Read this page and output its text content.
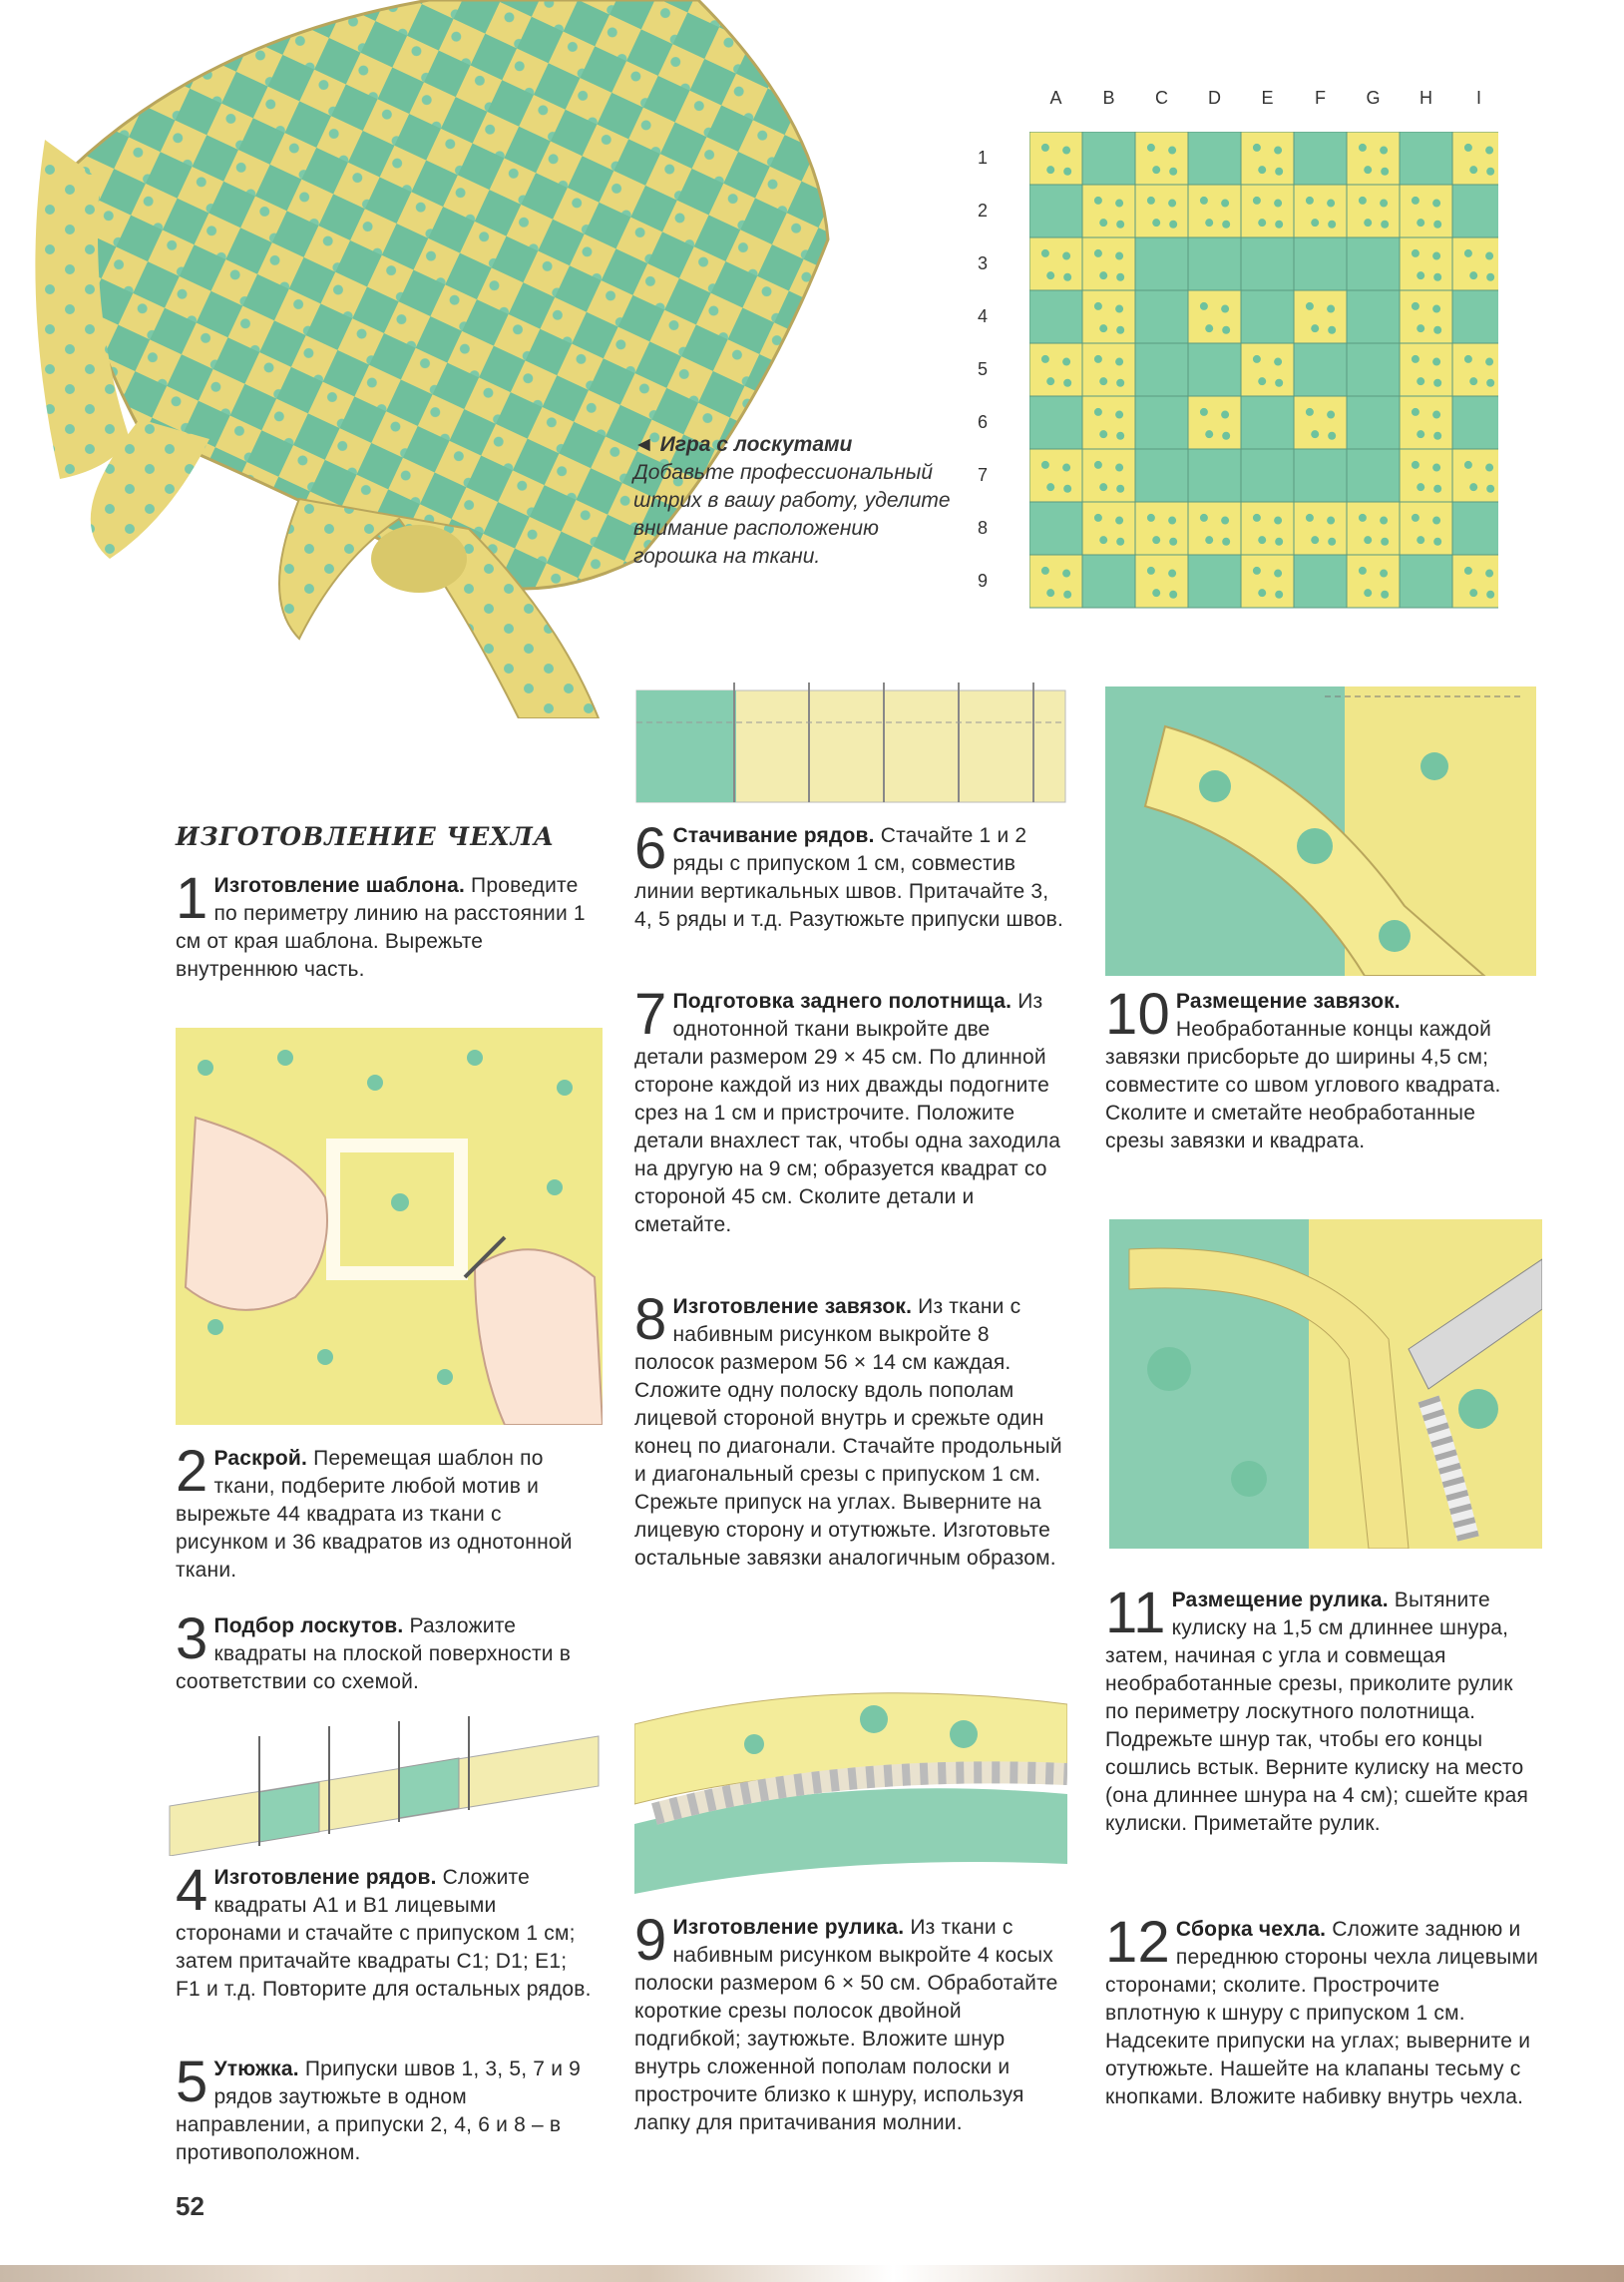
◄ Игра с лоскутами
Добавьте профессиональный штрих в вашу работу, уделите внимание расположению горошка на ткани.
A B C D E F G H	I
1
2
3
4
5
6
7
8
9
ИЗГОТОВЛЕНИЕ ЧЕХЛА
1 Изготовление шаблона. Проведите по периметру линию на расстоянии 1 см от края шаблона. Вырежьте внутреннюю часть.
2 Раскрой. Перемещая шаблон по ткани, подберите любой мотив и вырежьте 44 квадрата из ткани с рисунком и 36 квадратов из однотонной ткани.
3 Подбор лоскутов. Разложите квадраты на плоской поверхности в соответствии со схемой.
4 Изготовление рядов. Сложите квадраты A1 и B1 лицевыми сторонами и стачайте с припуском 1 см; затем притачайте квадраты C1; D1; E1; F1 и т.д. Повторите для остальных рядов.
5 Утюжка. Припуски швов 1, 3, 5, 7 и 9 рядов заутюжьте в одном направлении, а припуски 2, 4, 6 и 8 – в противоположном.
6 Стачивание рядов. Стачайте 1 и 2 ряды с припуском 1 см, совместив линии вертикальных швов. Притачайте 3, 4, 5 ряды и т.д. Разутюжьте припуски швов.
7 Подготовка заднего полотнища. Из однотонной ткани выкройте две детали размером 29 × 45 см. По длинной стороне каждой из них дважды подогните срез на 1 см и пристрочите. Положите детали внахлест так, чтобы одна заходила на другую на 9 см; образуется квадрат со стороной 45 см. Сколите детали и сметайте.
8 Изготовление завязок. Из ткани с набивным рисунком выкройте 8 полосок размером 56 × 14 см каждая. Сложите одну полоску вдоль пополам лицевой стороной внутрь и срежьте один конец по диагонали. Стачайте продольный и диагональный срезы с припуском 1 см. Срежьте припуск на углах. Выверните на лицевую сторону и отутюжьте. Изготовьте остальные завязки аналогичным образом.
9 Изготовление рулика. Из ткани с набивным рисунком выкройте 4 косых полоски размером 6 × 50 см. Обработайте короткие срезы полосок двойной подгибкой; заутюжьте. Вложите шнур внутрь сложенной пополам полоски и прострочите близко к шнуру, используя лапку для притачивания молнии.
10 Размещение завязок. Необработанные концы каждой завязки присборьте до ширины 4,5 см; совместите со швом углового квадрата. Сколите и сметайте необработанные срезы завязки и квадрата.
11 Размещение рулика. Вытяните кулиску на 1,5 см длиннее шнура, затем, начиная с угла и совмещая необработанные срезы, приколите рулик по периметру лоскутного полотнища. Подрежьте шнур так, чтобы его концы сошлись встык. Верните кулиску на место (она длиннее шнура на 4 см); сшейте края кулиски. Приметайте рулик.
12 Сборка чехла. Сложите заднюю и переднюю стороны чехла лицевыми сторонами; сколите. Прострочите вплотную к шнуру с припуском 1 см. Надсеките припуски на углах; выверните и отутюжьте. Нашейте на клапаны тесьму с кнопками. Вложите набивку внутрь чехла.
52
